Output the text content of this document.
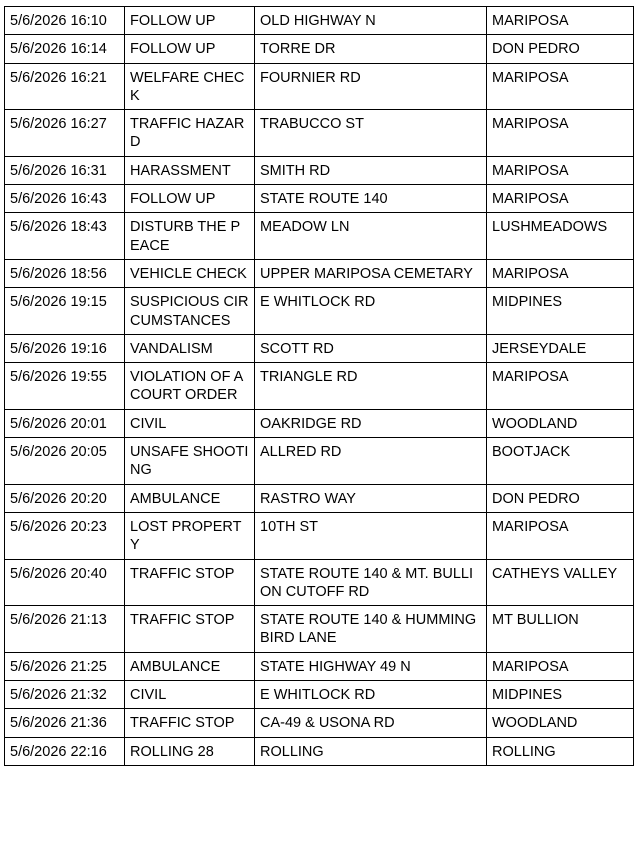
5/6/2026 16:10	FOLLOW UP	OLD HIGHWAY N	MARIPOSA
5/6/2026 16:14	FOLLOW UP	TORRE DR	DON PEDRO
5/6/2026 16:21	WELFARE CHECK	FOURNIER RD	MARIPOSA
5/6/2026 16:27	TRAFFIC HAZARD	TRABUCCO ST	MARIPOSA
5/6/2026 16:31	HARASSMENT	SMITH RD	MARIPOSA
5/6/2026 16:43	FOLLOW UP	STATE ROUTE 140	MARIPOSA
5/6/2026 18:43	DISTURB THE PEACE	MEADOW LN	LUSHMEADOWS
5/6/2026 18:56	VEHICLE CHECK	UPPER MARIPOSA CEMETARY	MARIPOSA
5/6/2026 19:15	SUSPICIOUS CIRCUMSTANCES	E WHITLOCK RD	MIDPINES
5/6/2026 19:16	VANDALISM	SCOTT RD	JERSEYDALE
5/6/2026 19:55	VIOLATION OF A COURT ORDER	TRIANGLE RD	MARIPOSA
5/6/2026 20:01	CIVIL	OAKRIDGE RD	WOODLAND
5/6/2026 20:05	UNSAFE SHOOTING	ALLRED RD	BOOTJACK
5/6/2026 20:20	AMBULANCE	RASTRO WAY	DON PEDRO
5/6/2026 20:23	LOST PROPERTY	10TH ST	MARIPOSA
5/6/2026 20:40	TRAFFIC STOP	STATE ROUTE 140 & MT. BULLION CUTOFF RD	CATHEYS VALLEY
5/6/2026 21:13	TRAFFIC STOP	STATE ROUTE 140 & HUMMINGBIRD LANE	MT BULLION
5/6/2026 21:25	AMBULANCE	STATE HIGHWAY 49 N	MARIPOSA
5/6/2026 21:32	CIVIL	E WHITLOCK RD	MIDPINES
5/6/2026 21:36	TRAFFIC STOP	CA-49 & USONA RD	WOODLAND
5/6/2026 22:16	ROLLING 28	ROLLING	ROLLING
